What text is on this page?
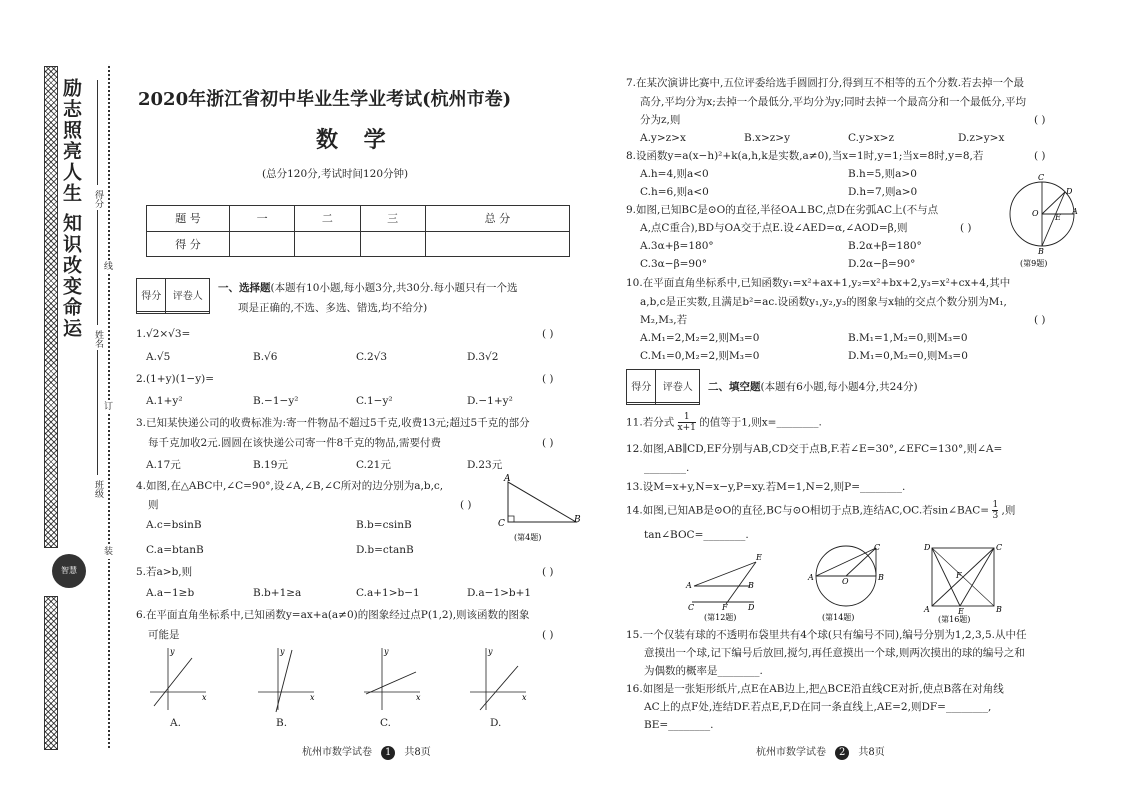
励志照亮人生 知识改变命运
智慧
班级
姓名
得分
装
订
线
2020年浙江省初中毕业生学业考试(杭州市卷)
数 学
(总分120分,考试时间120分钟)
题 号	一	二	三	总 分
得 分				
得分	评卷人

一、选择题(本题有10小题,每小题3分,共30分.每小题只有一个选
项是正确的,不选、多选、错选,均不给分)
1.√2×√3=	( )
A.√5	B.√6	C.2√3	D.3√2
2.(1+y)(1−y)=	( )
A.1+y²	B.−1−y²	C.1−y²	D.−1+y²
3.已知某快递公司的收费标准为:寄一件物品不超过5千克,收费13元;超过5千克的部分
每千克加收2元.圆圆在该快递公司寄一件8千克的物品,需要付费	( )
A.17元	B.19元	C.21元	D.23元
4.如图,在△ABC中,∠C=90°,设∠A,∠B,∠C所对的边分别为a,b,c,
则	( )
A.c=bsinB	B.b=csinB
C.a=btanB	D.b=ctanB
A
B
C
(第4题)
5.若a>b,则	( )
A.a−1≥b	B.b+1≥a	C.a+1>b−1	D.a−1>b+1
6.在平面直角坐标系中,已知函数y=ax+a(a≠0)的图象经过点P(1,2),则该函数的图象
可能是	( )
x
y
A.
x
y
B.
x
y
C.
x
y
D.
杭州市数学试卷 1 共8页
7.在某次演讲比赛中,五位评委给选手圆圆打分,得到互不相等的五个分数.若去掉一个最
高分,平均分为x;去掉一个最低分,平均分为y;同时去掉一个最高分和一个最低分,平均
分为z,则	( )
A.y>z>x	B.x>z>y	C.y>x>z	D.z>y>x
8.设函数y=a(x−h)²+k(a,h,k是实数,a≠0),当x=1时,y=1;当x=8时,y=8,若	( )
A.h=4,则a<0	B.h=5,则a>0
C.h=6,则a<0	D.h=7,则a>0
9.如图,已知BC是⊙O的直径,半径OA⊥BC,点D在劣弧AC上(不与点
A,点C重合),BD与OA交于点E.设∠AED=α,∠AOD=β,则	( )
A.3α+β=180°	B.2α+β=180°
C.3α−β=90°	D.2α−β=90°
C
D
O E
A
B
(第9题)
10.在平面直角坐标系中,已知函数y₁=x²+ax+1,y₂=x²+bx+2,y₃=x²+cx+4,其中
a,b,c是正实数,且满足b²=ac.设函数y₁,y₂,y₃的图象与x轴的交点个数分别为M₁,
M₂,M₃,若	( )
A.M₁=2,M₂=2,则M₃=0	B.M₁=1,M₂=0,则M₃=0
C.M₁=0,M₂=2,则M₃=0	D.M₁=0,M₂=0,则M₃=0
得分	评卷人
	二、填空题(本题有6小题,每小题4分,共24分)
11.若分式 $\frac{1}{x+1}$ 的值等于1,则x=________.
12.如图,AB∥CD,EF分别与AB,CD交于点B,F.若∠E=30°,∠EFC=130°,则∠A=
________.
13.设M=x+y,N=x−y,P=xy.若M=1,N=2,则P=________.
14.如图,已知AB是⊙O的直径,BC与⊙O相切于点B,连结AC,OC.若sin∠BAC= $\frac{1}{3}$ ,则
tan∠BOC=________.
E
A	B
C	F	D
(第12题)
C
A	O	B
(第14题)
D	C
F
A	E	B
(第16题)
15.一个仅装有球的不透明布袋里共有4个球(只有编号不同),编号分别为1,2,3,5.从中任
意摸出一个球,记下编号后放回,搅匀,再任意摸出一个球,则两次摸出的球的编号之和
为偶数的概率是________.
16.如图是一张矩形纸片,点E在AB边上,把△BCE沿直线CE对折,使点B落在对角线
AC上的点F处,连结DF.若点E,F,D在同一条直线上,AE=2,则DF=________,
BE=________.
杭州市数学试卷 2 共8页
